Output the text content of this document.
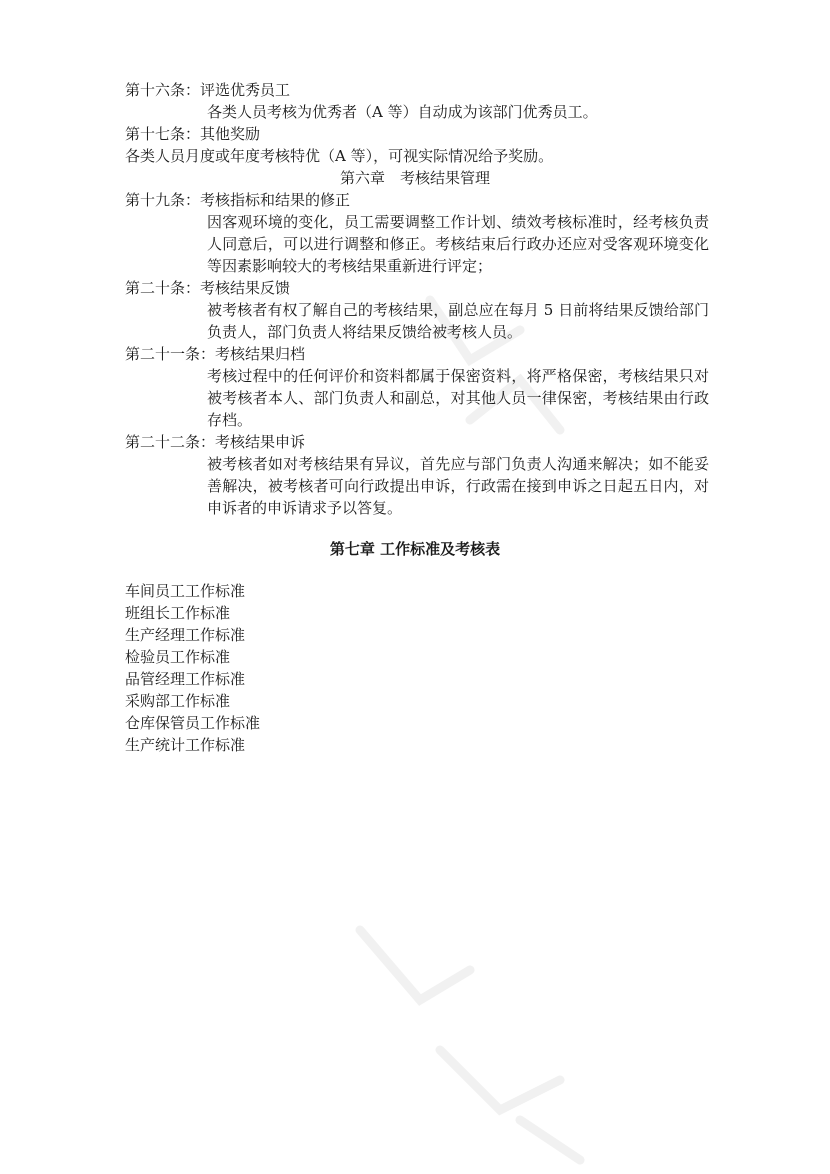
第十六条：评选优秀员工
各类人员考核为优秀者（A 等）自动成为该部门优秀员工。
第十七条：其他奖励
各类人员月度或年度考核特优（A 等），可视实际情况给予奖励。
第六章　考核结果管理
第十九条：考核指标和结果的修正
因客观环境的变化，员工需要调整工作计划、绩效考核标准时，经考核负责人同意后，可以进行调整和修正。考核结束后行政办还应对受客观环境变化等因素影响较大的考核结果重新进行评定；
第二十条：考核结果反馈
被考核者有权了解自己的考核结果，副总应在每月 5 日前将结果反馈给部门负责人，部门负责人将结果反馈给被考核人员。
第二十一条：考核结果归档
考核过程中的任何评价和资料都属于保密资料，将严格保密，考核结果只对被考核者本人、部门负责人和副总，对其他人员一律保密，考核结果由行政存档。
第二十二条：考核结果申诉
被考核者如对考核结果有异议，首先应与部门负责人沟通来解决；如不能妥善解决，被考核者可向行政提出申诉，行政需在接到申诉之日起五日内，对申诉者的申诉请求予以答复。
第七章 工作标准及考核表
车间员工工作标准
班组长工作标准
生产经理工作标准
检验员工作标准
品管经理工作标准
采购部工作标准
仓库保管员工作标准
生产统计工作标准
